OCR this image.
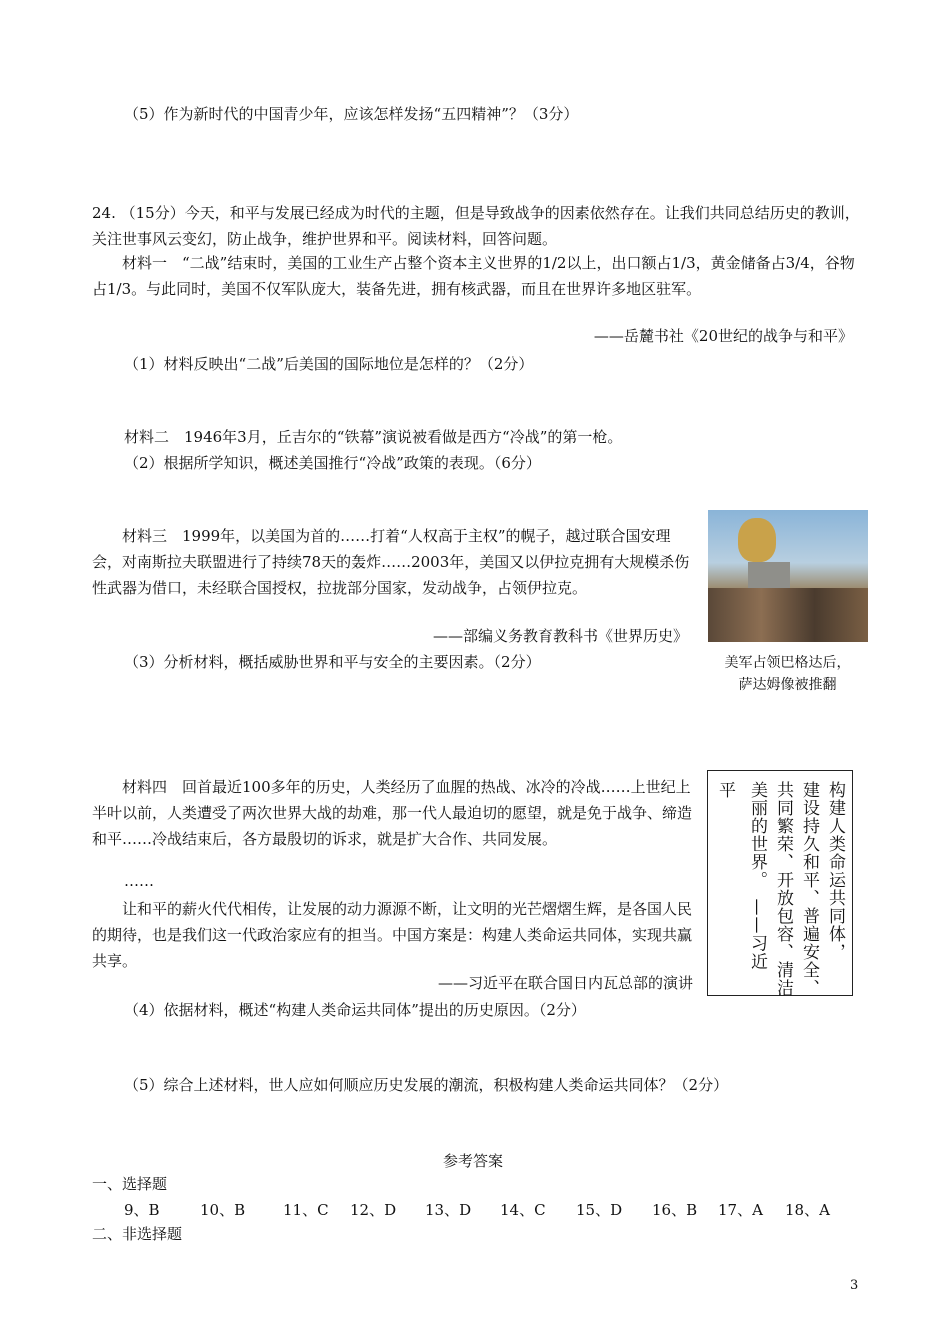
（5）作为新时代的中国青少年，应该怎样发扬“五四精神”？（3分）
24. （15分）今天，和平与发展已经成为时代的主题，但是导致战争的因素依然存在。让我们共同总结历史的教训，关注世事风云变幻，防止战争，维护世界和平。阅读材料，回答问题。
材料一　“二战”结束时，美国的工业生产占整个资本主义世界的1/2以上，出口额占1/3，黄金储备占3/4，谷物占1/3。与此同时，美国不仅军队庞大，装备先进，拥有核武器，而且在世界许多地区驻军。
——岳麓书社《20世纪的战争与和平》
（1）材料反映出“二战”后美国的国际地位是怎样的？（2分）
材料二　1946年3月，丘吉尔的“铁幕”演说被看做是西方“冷战”的第一枪。
（2）根据所学知识，概述美国推行“冷战”政策的表现。（6分）
材料三　1999年，以美国为首的……打着“人权高于主权”的幌子，越过联合国安理会，对南斯拉夫联盟进行了持续78天的轰炸……2003年，美国又以伊拉克拥有大规模杀伤性武器为借口，未经联合国授权，拉拢部分国家，发动战争，占领伊拉克。
——部编义务教育教科书《世界历史》
（3）分析材料，概括威胁世界和平与安全的主要因素。（2分）	美军占领巴格达后，
萨达姆像被推翻
材料四　回首最近100多年的历史，人类经历了血腥的热战、冰冷的冷战……上世纪上半叶以前，人类遭受了两次世界大战的劫难，那一代人最迫切的愿望，就是免于战争、缔造和平……冷战结束后，各方最殷切的诉求，就是扩大合作、共同发展。
……
让和平的薪火代代相传，让发展的动力源源不断，让文明的光芒熠熠生辉，是各国人民的期待，也是我们这一代政治家应有的担当。中国方案是：构建人类命运共同体，实现共赢共享。
——习近平在联合国日内瓦总部的演讲
构建人类命运共同体，
建设持久和平、普遍安全、
共同繁荣、开放包容、清洁
美丽的世界。　——习近
平
（4）依据材料，概述“构建人类命运共同体”提出的历史原因。（2分）
（5）综合上述材料，世人应如何顺应历史发展的潮流，积极构建人类命运共同体？（2分）
参考答案
一、选择题
9、B	10、B	11、C 12、D 13、D 14、C 15、D 16、B 17、A 18、A
二、非选择题
3
